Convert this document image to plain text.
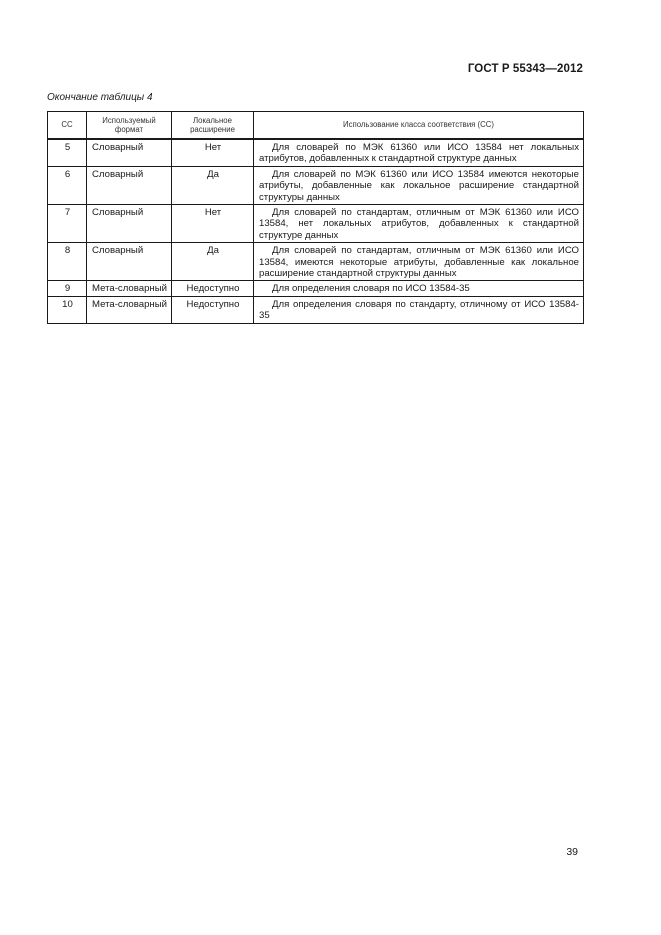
ГОСТ Р 55343—2012
Окончание таблицы 4
CC	Используемый формат	Локальное расширение	Использование класса соответствия (CC)
5	Словарный	Нет	Для словарей по МЭК 61360 или ИСО 13584 нет локальных атрибутов, добавленных к стандартной структуре данных
6	Словарный	Да	Для словарей по МЭК 61360 или ИСО 13584 имеются некоторые атрибуты, добавленные как локальное расширение стандартной структуры данных
7	Словарный	Нет	Для словарей по стандартам, отличным от МЭК 61360 или ИСО 13584, нет локальных атрибутов, добавленных к стандартной структуре данных
8	Словарный	Да	Для словарей по стандартам, отличным от МЭК 61360 или ИСО 13584, имеются некоторые атрибуты, добавленные как локальное расширение стандартной структуры данных
9	Мета-словарный	Недоступно	Для определения словаря по ИСО 13584-35
10	Мета-словарный	Недоступно	Для определения словаря по стандарту, отличному от ИСО 13584-35
39
